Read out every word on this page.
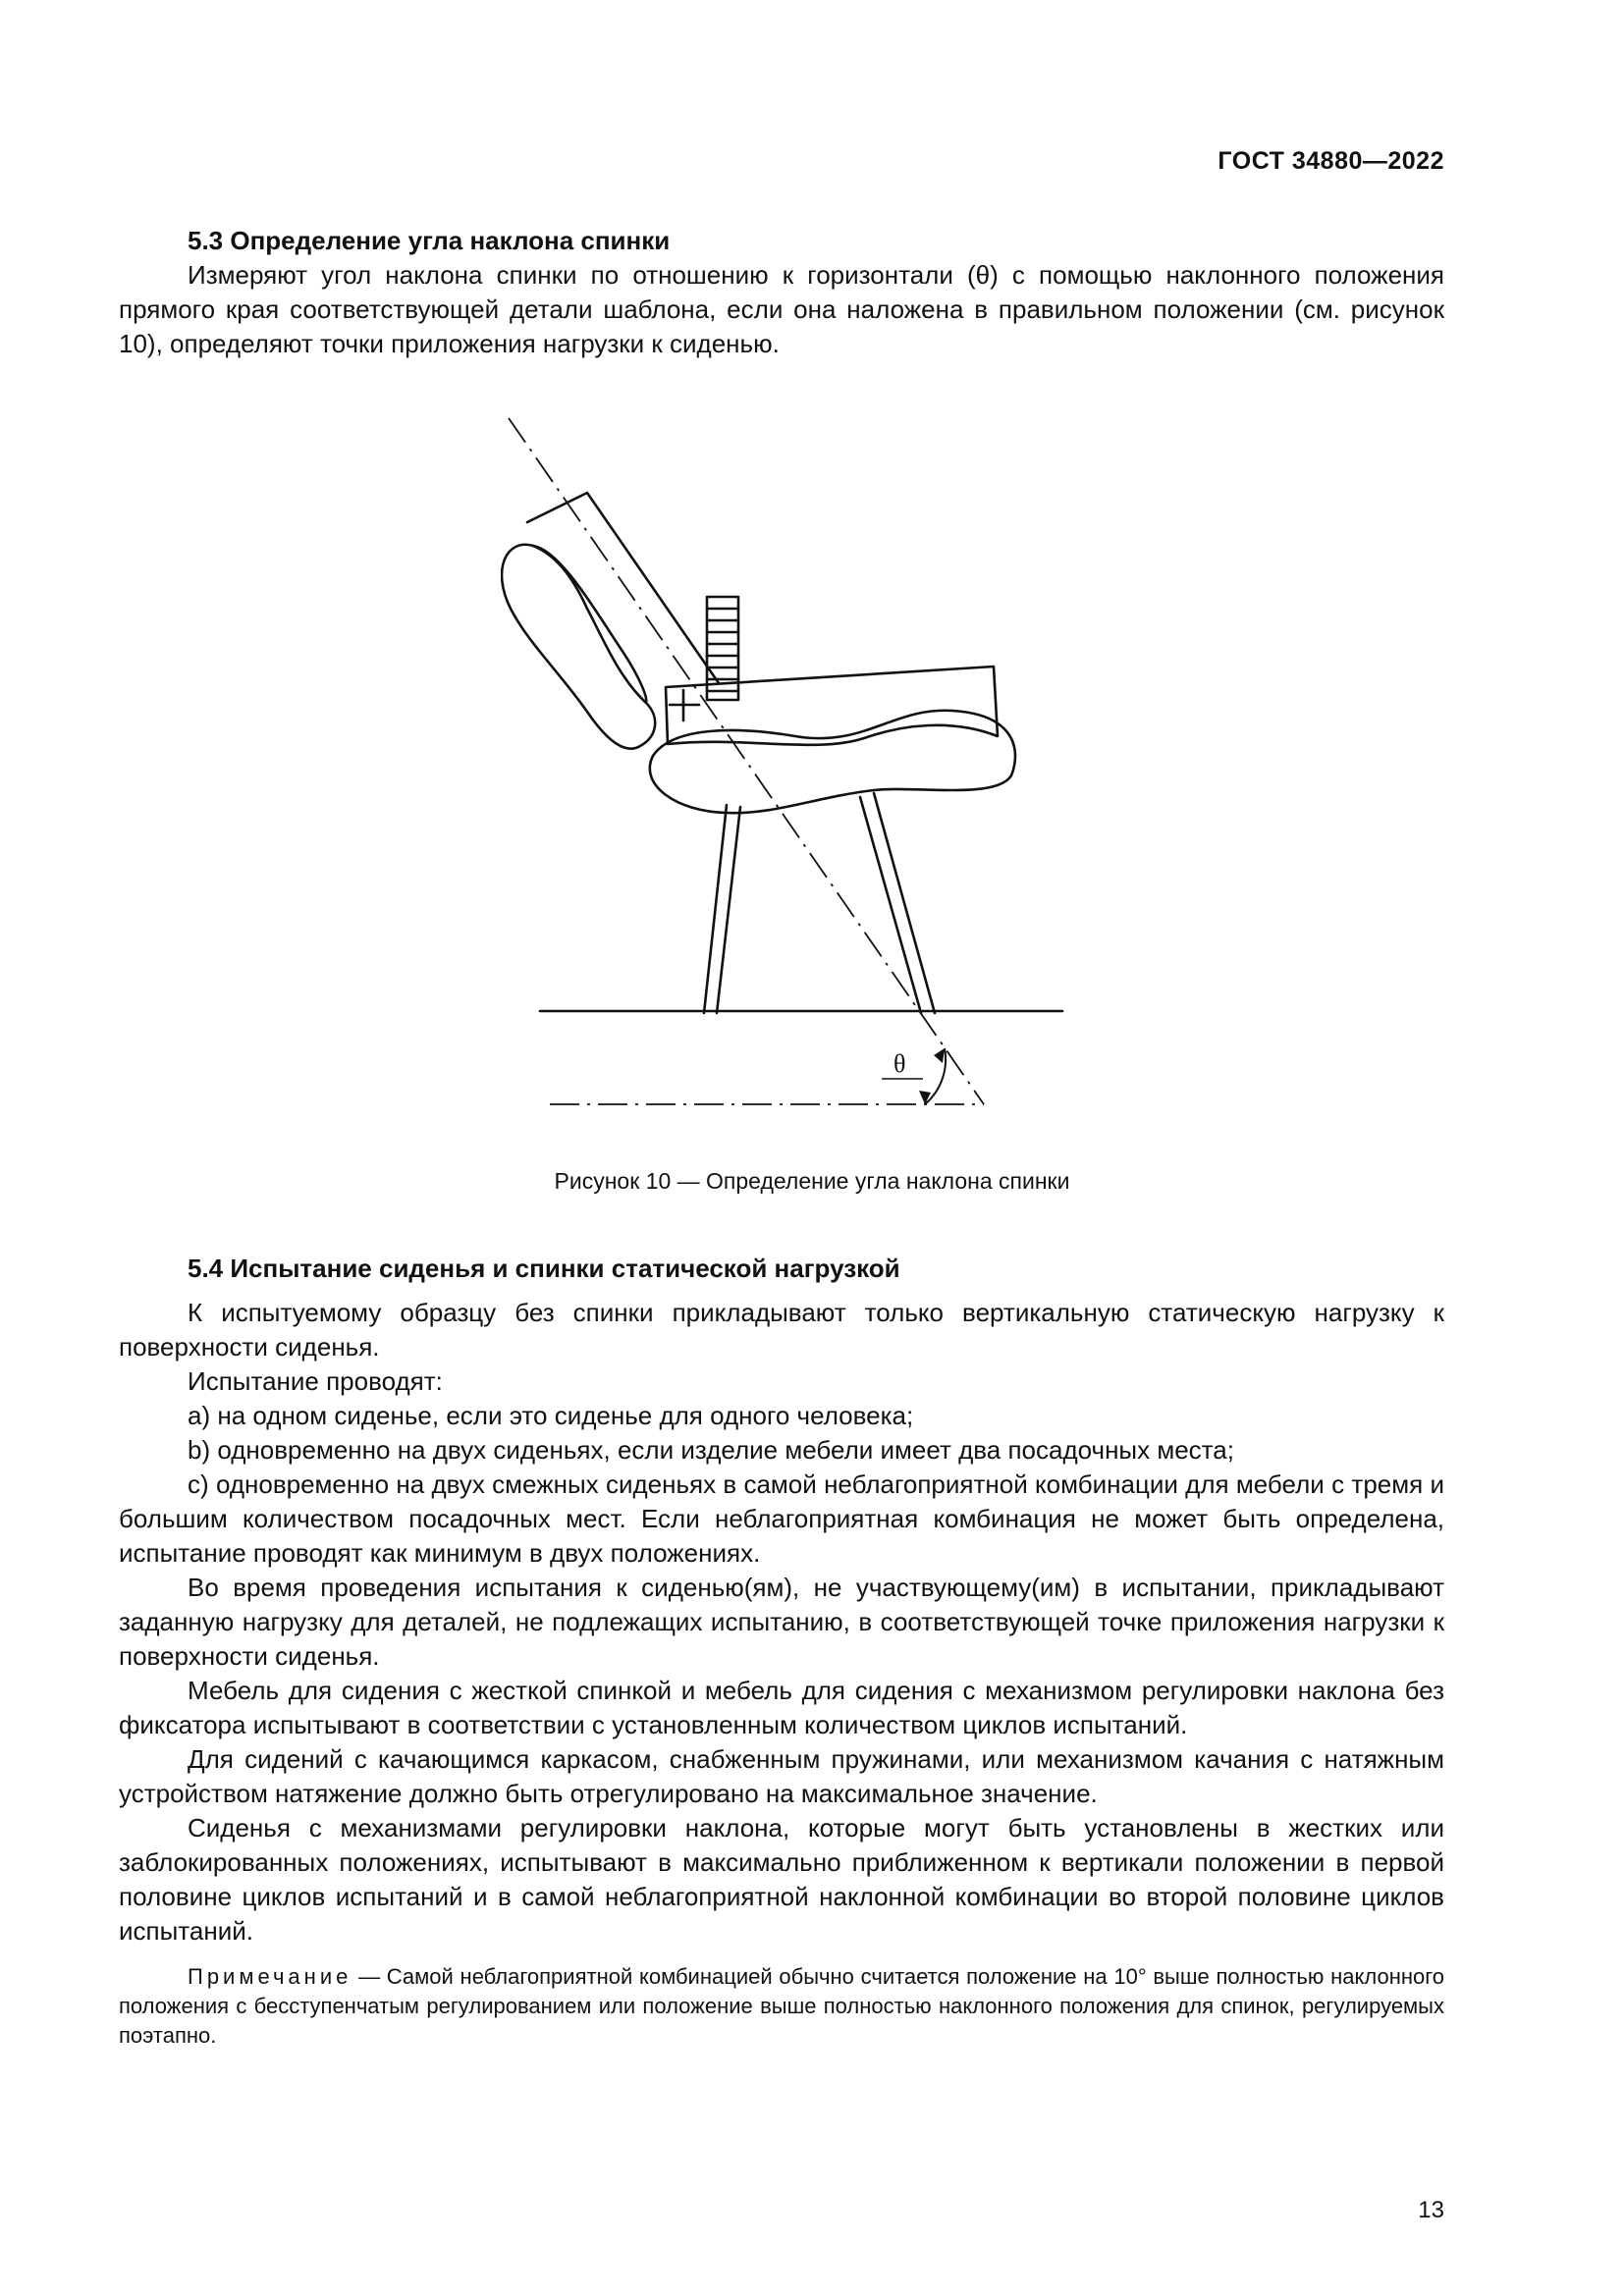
ГОСТ 34880—2022

5.3 Определение угла наклона спинки

Измеряют угол наклона спинки по отношению к горизонтали (θ) с помощью наклонного положения прямого края соответствующей детали шаблона, если она наложена в правильном положении (см. рисунок 10), определяют точки приложения нагрузки к сиденью.

θ
Рисунок 10 — Определение угла наклона спинки

5.4 Испытание сиденья и спинки статической нагрузкой

К испытуемому образцу без спинки прикладывают только вертикальную статическую нагрузку к поверхности сиденья.

Испытание проводят:

a) на одном сиденье, если это сиденье для одного человека;

b) одновременно на двух сиденьях, если изделие мебели имеет два посадочных места;

c) одновременно на двух смежных сиденьях в самой неблагоприятной комбинации для мебели с тремя и большим количеством посадочных мест. Если неблагоприятная комбинация не может быть определена, испытание проводят как минимум в двух положениях.

Во время проведения испытания к сиденью(ям), не участвующему(им) в испытании, прикладывают заданную нагрузку для деталей, не подлежащих испытанию, в соответствующей точке приложения нагрузки к поверхности сиденья.

Мебель для сидения с жесткой спинкой и мебель для сидения с механизмом регулировки наклона без фиксатора испытывают в соответствии с установленным количеством циклов испытаний.

Для сидений с качающимся каркасом, снабженным пружинами, или механизмом качания с натяжным устройством натяжение должно быть отрегулировано на максимальное значение.

Сиденья с механизмами регулировки наклона, которые могут быть установлены в жестких или заблокированных положениях, испытывают в максимально приближенном к вертикали положении в первой половине циклов испытаний и в самой неблагоприятной наклонной комбинации во второй половине циклов испытаний.

Примечание — Самой неблагоприятной комбинацией обычно считается положение на 10° выше полностью наклонного положения с бесступенчатым регулированием или положение выше полностью наклонного положения для спинок, регулируемых поэтапно.

13
